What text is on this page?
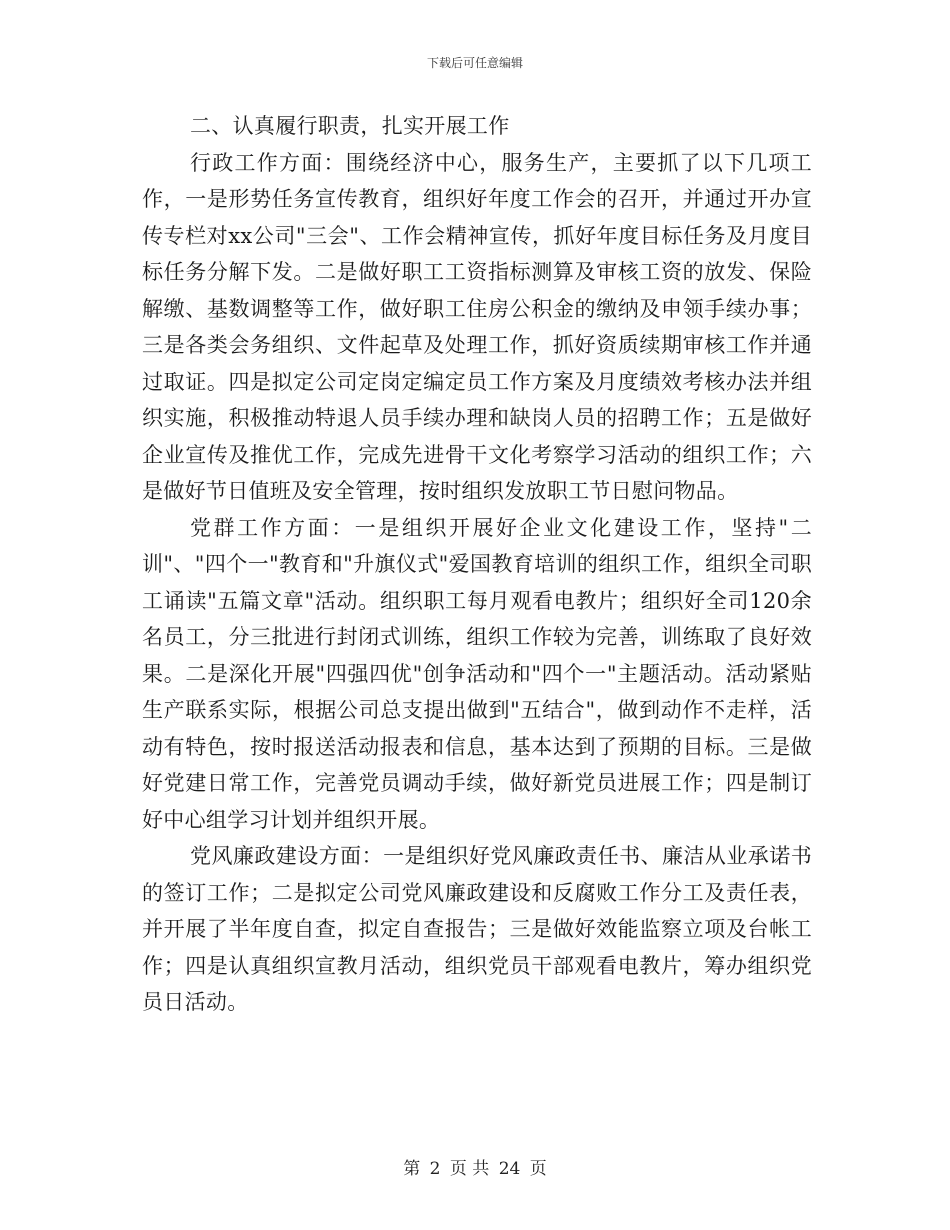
下载后可任意编辑

二、认真履行职责，扎实开展工作

行政工作方面：围绕经济中心，服务生产，主要抓了以下几项工作，一是形势任务宣传教育，组织好年度工作会的召开，并通过开办宣传专栏对xx公司"三会"、工作会精神宣传，抓好年度目标任务及月度目标任务分解下发。二是做好职工工资指标测算及审核工资的放发、保险解缴、基数调整等工作，做好职工住房公积金的缴纳及申领手续办事；三是各类会务组织、文件起草及处理工作，抓好资质续期审核工作并通过取证。四是拟定公司定岗定编定员工作方案及月度绩效考核办法并组织实施，积极推动特退人员手续办理和缺岗人员的招聘工作；五是做好企业宣传及推优工作，完成先进骨干文化考察学习活动的组织工作；六是做好节日值班及安全管理，按时组织发放职工节日慰问物品。

党群工作方面：一是组织开展好企业文化建设工作，坚持"二训"、"四个一"教育和"升旗仪式"爱国教育培训的组织工作，组织全司职工诵读"五篇文章"活动。组织职工每月观看电教片；组织好全司120余名员工，分三批进行封闭式训练，组织工作较为完善，训练取了良好效果。二是深化开展"四强四优"创争活动和"四个一"主题活动。活动紧贴生产联系实际，根据公司总支提出做到"五结合"，做到动作不走样，活动有特色，按时报送活动报表和信息，基本达到了预期的目标。三是做好党建日常工作，完善党员调动手续，做好新党员进展工作；四是制订好中心组学习计划并组织开展。

党风廉政建设方面：一是组织好党风廉政责任书、廉洁从业承诺书的签订工作；二是拟定公司党风廉政建设和反腐败工作分工及责任表，并开展了半年度自查，拟定自查报告；三是做好效能监察立项及台帐工作；四是认真组织宣教月活动，组织党员干部观看电教片，筹办组织党员日活动。

第 2 页 共 24 页
